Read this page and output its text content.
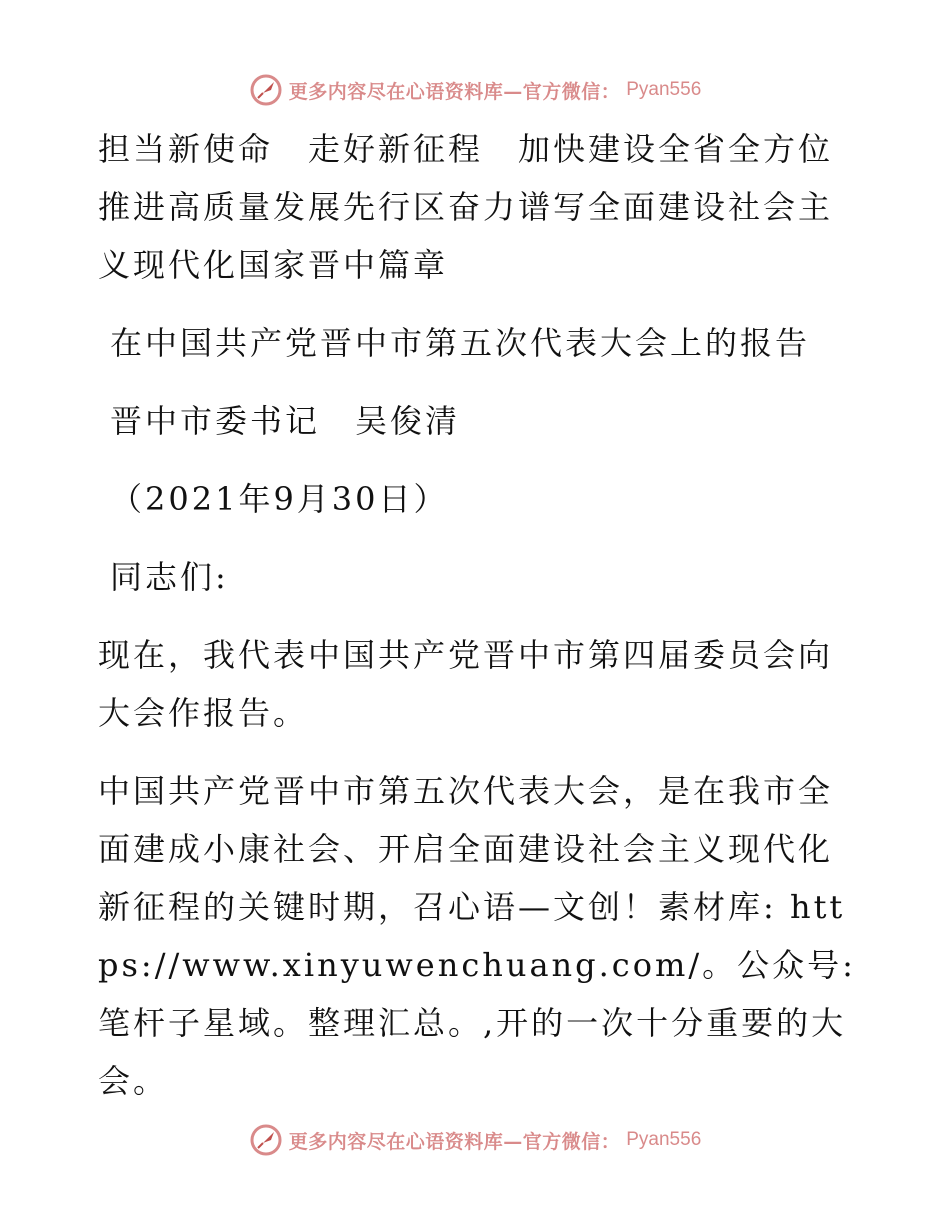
更多内容尽在心语资料库—官方微信： Pyan556

担当新使命　走好新征程　加快建设全省全方位推进高质量发展先行区奋力谱写全面建设社会主义现代化国家晋中篇章

在中国共产党晋中市第五次代表大会上的报告

晋中市委书记　吴俊清

（2021年9月30日）

同志们:

现在，我代表中国共产党晋中市第四届委员会向大会作报告。

中国共产党晋中市第五次代表大会，是在我市全面建成小康社会、开启全面建设社会主义现代化新征程的关键时期，召心语—文创！素材库: https://www.xinyuwenchuang.com/。公众号: 笔杆子星域。整理汇总。,开的一次十分重要的大会。

更多内容尽在心语资料库—官方微信： Pyan556
